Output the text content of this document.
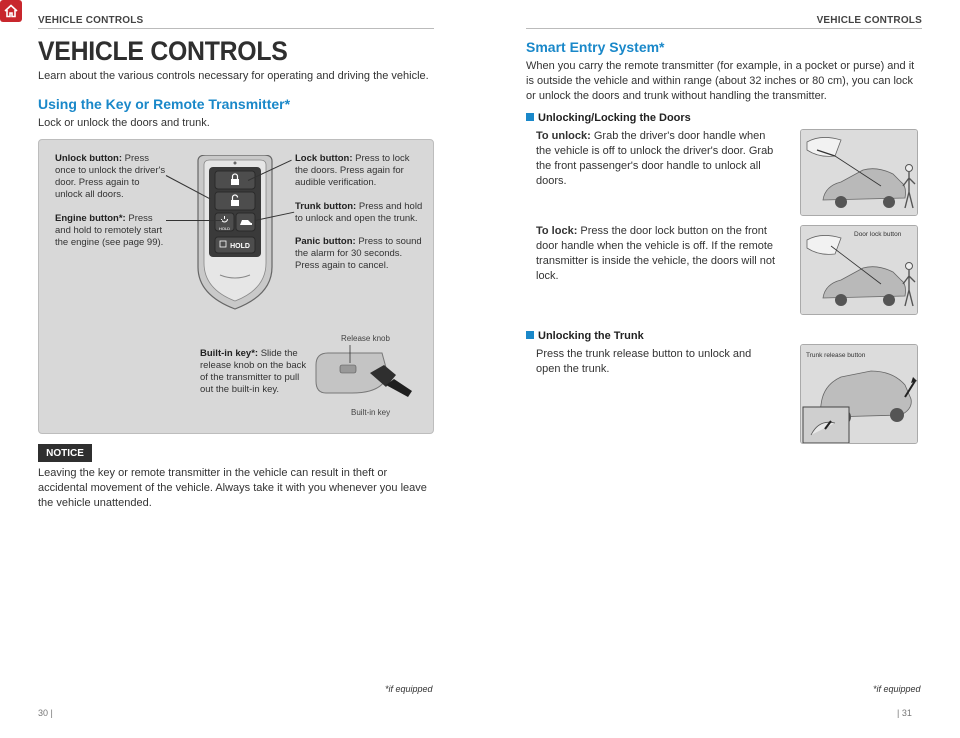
VEHICLE CONTROLS	VEHICLE CONTROLS
VEHICLE CONTROLS
Learn about the various controls necessary for operating and driving the vehicle.
Using the Key or Remote Transmitter*
Lock or unlock the doors and trunk.
HOLD
HOLD
Unlock button: Press once to unlock the driver's door. Press again to unlock all doors.
Engine button*: Press and hold to remotely start the engine (see page 99).
Lock button: Press to lock the doors. Press again for audible verification.
Trunk button: Press and hold to unlock and open the trunk.
Panic button: Press to sound the alarm for 30 seconds. Press again to cancel.
Built-in key*: Slide the release knob on the back of the transmitter to pull out the built-in key.
Release knob
Built-in key
NOTICE
Leaving the key or remote transmitter in the vehicle can result in theft or accidental movement of the vehicle. Always take it with you whenever you leave the vehicle unattended.
*if equipped
30 |
Smart Entry System*
When you carry the remote transmitter (for example, in a pocket or purse) and it is outside the vehicle and within range (about 32 inches or 80 cm), you can lock or unlock the doors and trunk without handling the transmitter.
Unlocking/Locking the Doors
To unlock: Grab the driver's door handle when the vehicle is off to unlock the driver's door. Grab the front passenger's door handle to unlock all doors.
To lock: Press the door lock button on the front door handle when the vehicle is off. If the remote transmitter is inside the vehicle, the doors will not lock.
Door lock button
Unlocking the Trunk
Press the trunk release button to unlock and open the trunk.
Trunk release button
*if equipped
| 31
